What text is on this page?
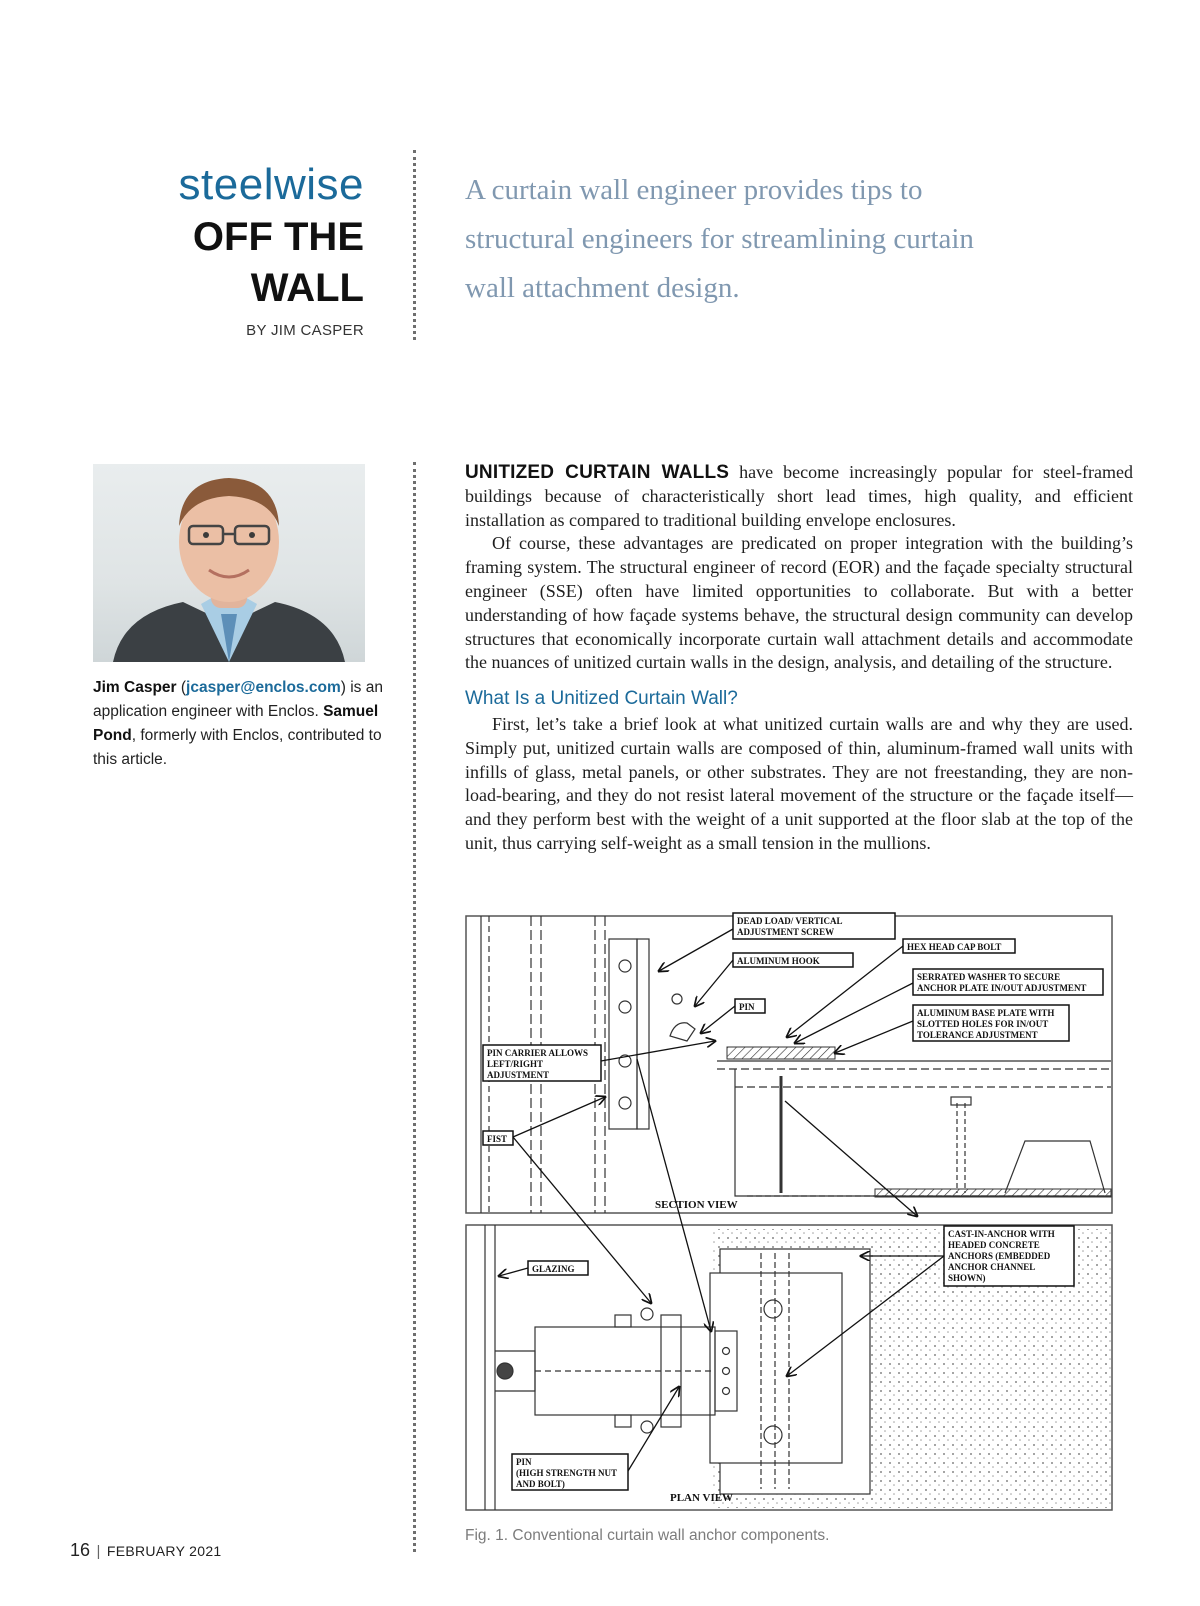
steelwise
OFF THE
WALL
BY JIM CASPER
A curtain wall engineer provides tips to structural engineers for streamlining curtain wall attachment design.
Jim Casper (jcasper@enclos.com) is an application engineer with Enclos. Samuel Pond, formerly with Enclos, contributed to this article.

UNITIZED CURTAIN WALLS have become increasingly popular for steel-framed buildings because of characteristically short lead times, high quality, and efficient installation as compared to traditional building envelope enclosures.

Of course, these advantages are predicated on proper integration with the building’s framing system. The structural engineer of record (EOR) and the façade specialty structural engineer (SSE) often have limited opportunities to collaborate. But with a better understanding of how façade systems behave, the structural design community can develop structures that economically incorporate curtain wall attachment details and accommodate the nuances of unitized curtain walls in the design, analysis, and detailing of the structure.

What Is a Unitized Curtain Wall?

First, let’s take a brief look at what unitized curtain walls are and why they are used. Simply put, unitized curtain walls are composed of thin, aluminum-framed wall units with infills of glass, metal panels, or other substrates. They are not freestanding, they are non-load-bearing, and they do not resist lateral movement of the structure or the façade itself—and they perform best with the weight of a unit supported at the floor slab at the top of the unit, thus carrying self-weight as a small tension in the mullions.

DEAD LOAD/ VERTICAL
ADJUSTMENT SCREW
HEX HEAD CAP BOLT
ALUMINUM HOOK
SERRATED WASHER TO SECURE
ANCHOR PLATE IN/OUT ADJUSTMENT
PIN
ALUMINUM BASE PLATE WITH
SLOTTED HOLES FOR IN/OUT
TOLERANCE ADJUSTMENT
PIN CARRIER ALLOWS
LEFT/RIGHT
ADJUSTMENT
FIST
SECTION VIEW
CAST-IN-ANCHOR WITH
HEADED CONCRETE
ANCHORS (EMBEDDED
ANCHOR CHANNEL
SHOWN)
GLAZING
PIN
(HIGH STRENGTH NUT
AND BOLT)
PLAN VIEW
Fig. 1. Conventional curtain wall anchor components.
16 | FEBRUARY 2021
